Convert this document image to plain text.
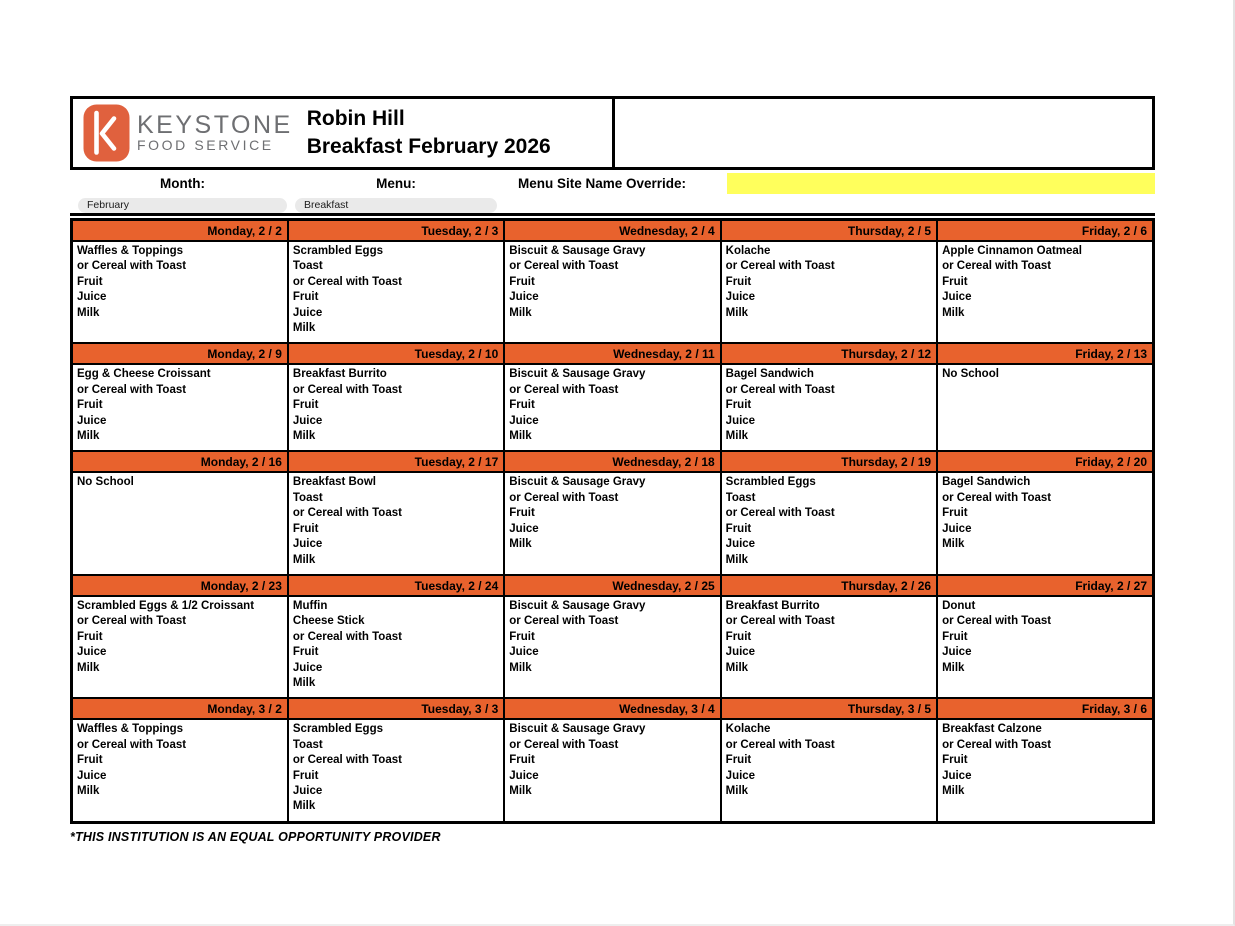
KEYSTONE
FOOD SERVICE
Robin Hill
Breakfast February 2026
Month:	Menu:	Menu Site Name Override:
February	Breakfast
Monday, 2 / 2	Tuesday, 2 / 3	Wednesday, 2 / 4	Thursday, 2 / 5	Friday, 2 / 6

Waffles & Toppings
or Cereal with Toast
Fruit
Juice
Milk

Scrambled Eggs
Toast
or Cereal with Toast
Fruit
Juice
Milk

Biscuit & Sausage Gravy
or Cereal with Toast
Fruit
Juice
Milk

Kolache
or Cereal with Toast
Fruit
Juice
Milk

Apple Cinnamon Oatmeal
or Cereal with Toast
Fruit
Juice
Milk

Monday, 2 / 9	Tuesday, 2 / 10	Wednesday, 2 / 11	Thursday, 2 / 12	Friday, 2 / 13

Egg & Cheese Croissant
or Cereal with Toast
Fruit
Juice
Milk

Breakfast Burrito
or Cereal with Toast
Fruit
Juice
Milk

Biscuit & Sausage Gravy
or Cereal with Toast
Fruit
Juice
Milk

Bagel Sandwich
or Cereal with Toast
Fruit
Juice
Milk

No School

Monday, 2 / 16	Tuesday, 2 / 17	Wednesday, 2 / 18	Thursday, 2 / 19	Friday, 2 / 20

No School	Breakfast Bowl
Toast
or Cereal with Toast
Fruit
Juice
Milk

Biscuit & Sausage Gravy
or Cereal with Toast
Fruit
Juice
Milk

Scrambled Eggs
Toast
or Cereal with Toast
Fruit
Juice
Milk

Bagel Sandwich
or Cereal with Toast
Fruit
Juice
Milk

Monday, 2 / 23	Tuesday, 2 / 24	Wednesday, 2 / 25	Thursday, 2 / 26	Friday, 2 / 27

Scrambled Eggs & 1/2 Croissant
or Cereal with Toast
Fruit
Juice
Milk

Muffin
Cheese Stick
or Cereal with Toast
Fruit
Juice
Milk

Biscuit & Sausage Gravy
or Cereal with Toast
Fruit
Juice
Milk

Breakfast Burrito
or Cereal with Toast
Fruit
Juice
Milk

Donut
or Cereal with Toast
Fruit
Juice
Milk

Monday, 3 / 2	Tuesday, 3 / 3	Wednesday, 3 / 4	Thursday, 3 / 5	Friday, 3 / 6

Waffles & Toppings
or Cereal with Toast
Fruit
Juice
Milk

Scrambled Eggs
Toast
or Cereal with Toast
Fruit
Juice
Milk

Biscuit & Sausage Gravy
or Cereal with Toast
Fruit
Juice
Milk

Kolache
or Cereal with Toast
Fruit
Juice
Milk

Breakfast Calzone
or Cereal with Toast
Fruit
Juice
Milk
*THIS INSTITUTION IS AN EQUAL OPPORTUNITY PROVIDER
